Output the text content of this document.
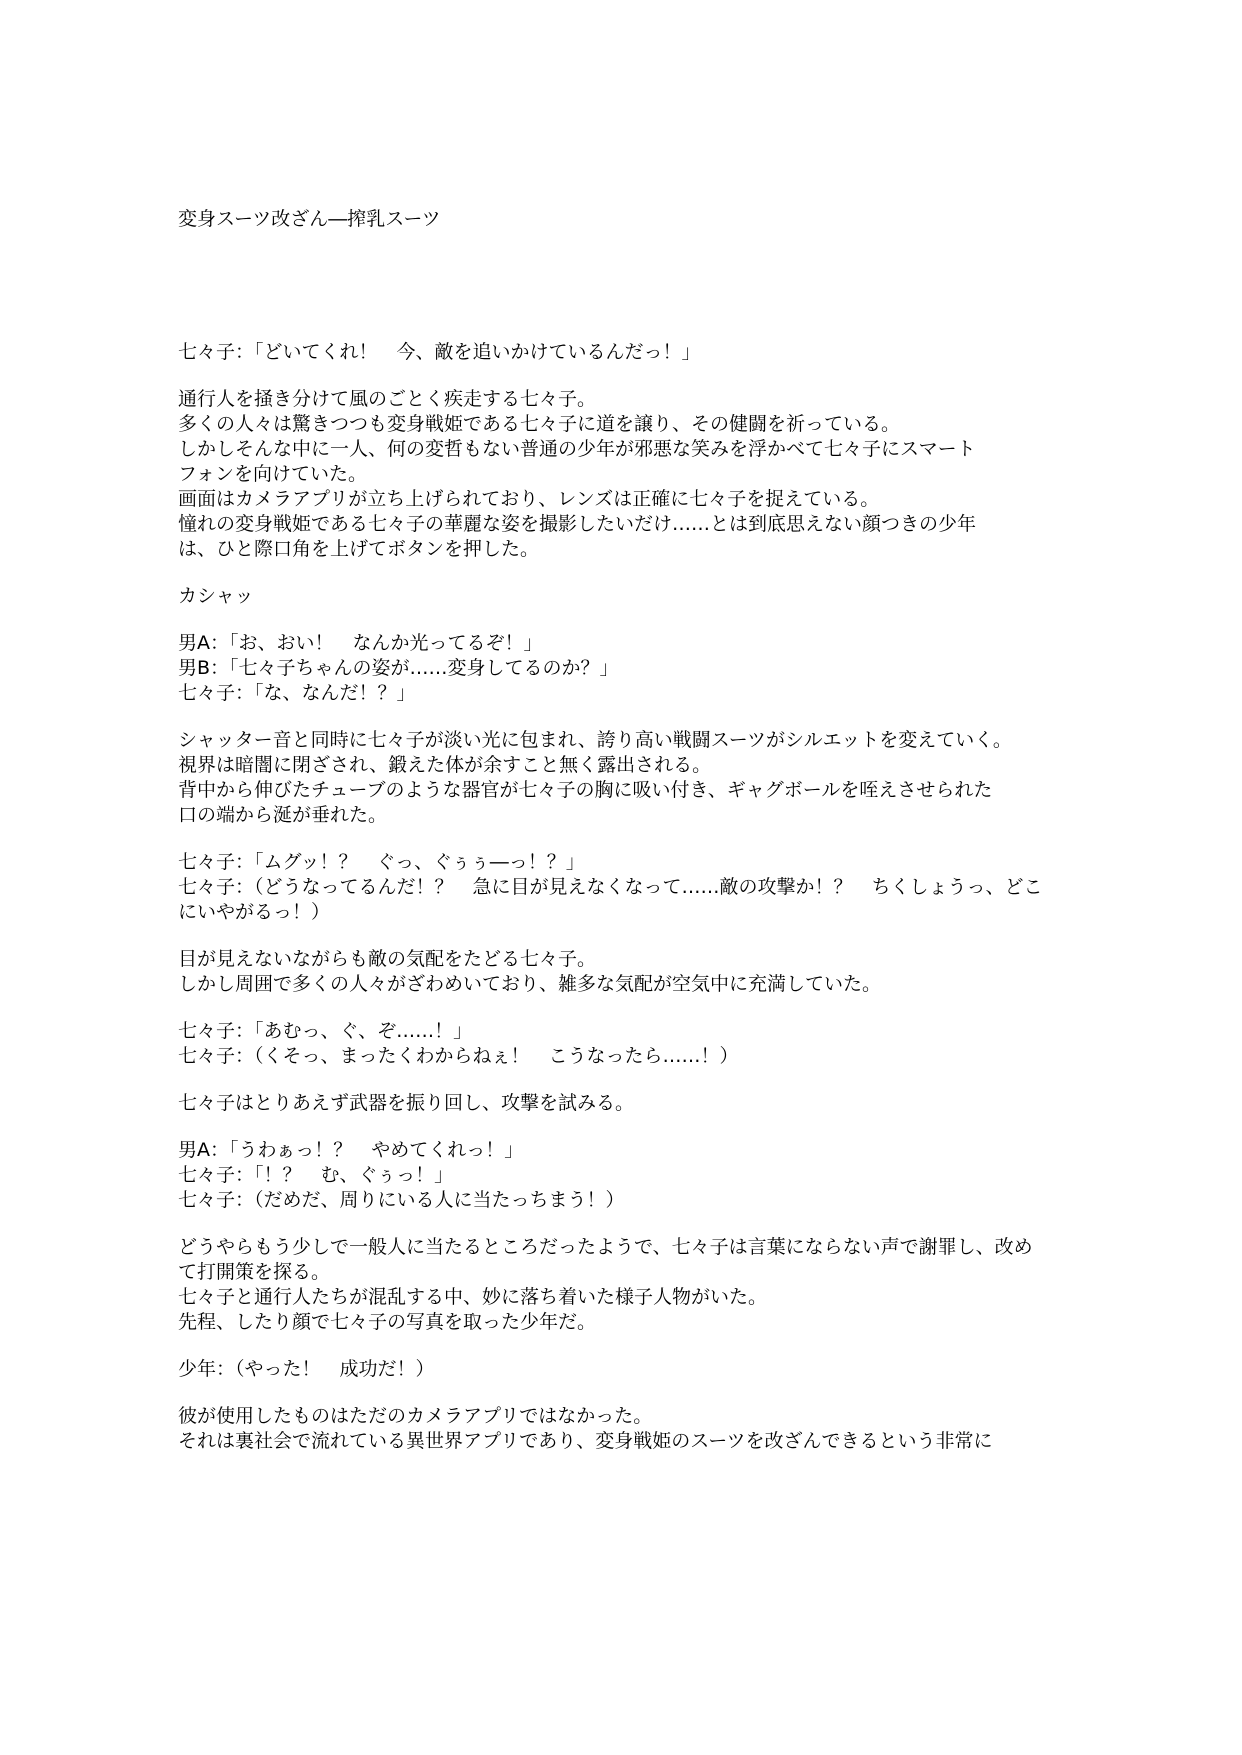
変身スーツ改ざん―搾乳スーツ
七々子：「どいてくれ！　今、敵を追いかけているんだっ！」
通行人を掻き分けて風のごとく疾走する七々子。
多くの人々は驚きつつも変身戦姫である七々子に道を譲り、その健闘を祈っている。
しかしそんな中に一人、何の変哲もない普通の少年が邪悪な笑みを浮かべて七々子にスマート
フォンを向けていた。
画面はカメラアプリが立ち上げられており、レンズは正確に七々子を捉えている。
憧れの変身戦姫である七々子の華麗な姿を撮影したいだけ……とは到底思えない顔つきの少年
は、ひと際口角を上げてボタンを押した。
カシャッ
男A：「お、おい！　なんか光ってるぞ！」
男B：「七々子ちゃんの姿が……変身してるのか？」
七々子：「な、なんだ！？」
シャッター音と同時に七々子が淡い光に包まれ、誇り高い戦闘スーツがシルエットを変えていく。
視界は暗闇に閉ざされ、鍛えた体が余すこと無く露出される。
背中から伸びたチューブのような器官が七々子の胸に吸い付き、ギャグボールを咥えさせられた
口の端から涎が垂れた。
七々子：「ムグッ！？　ぐっ、ぐぅぅ―っ！？」
七々子：（どうなってるんだ！？　急に目が見えなくなって……敵の攻撃か！？　ちくしょうっ、どこ
にいやがるっ！）
目が見えないながらも敵の気配をたどる七々子。
しかし周囲で多くの人々がざわめいており、雑多な気配が空気中に充満していた。
七々子：「あむっ、ぐ、ぞ……！」
七々子：（くそっ、まったくわからねぇ！　こうなったら……！）
七々子はとりあえず武器を振り回し、攻撃を試みる。
男A：「うわぁっ！？　やめてくれっ！」
七々子：「！？　む、ぐぅっ！」
七々子：（だめだ、周りにいる人に当たっちまう！）
どうやらもう少しで一般人に当たるところだったようで、七々子は言葉にならない声で謝罪し、改め
て打開策を探る。
七々子と通行人たちが混乱する中、妙に落ち着いた様子人物がいた。
先程、したり顔で七々子の写真を取った少年だ。
少年：（やった！　成功だ！）
彼が使用したものはただのカメラアプリではなかった。
それは裏社会で流れている異世界アプリであり、変身戦姫のスーツを改ざんできるという非常に
